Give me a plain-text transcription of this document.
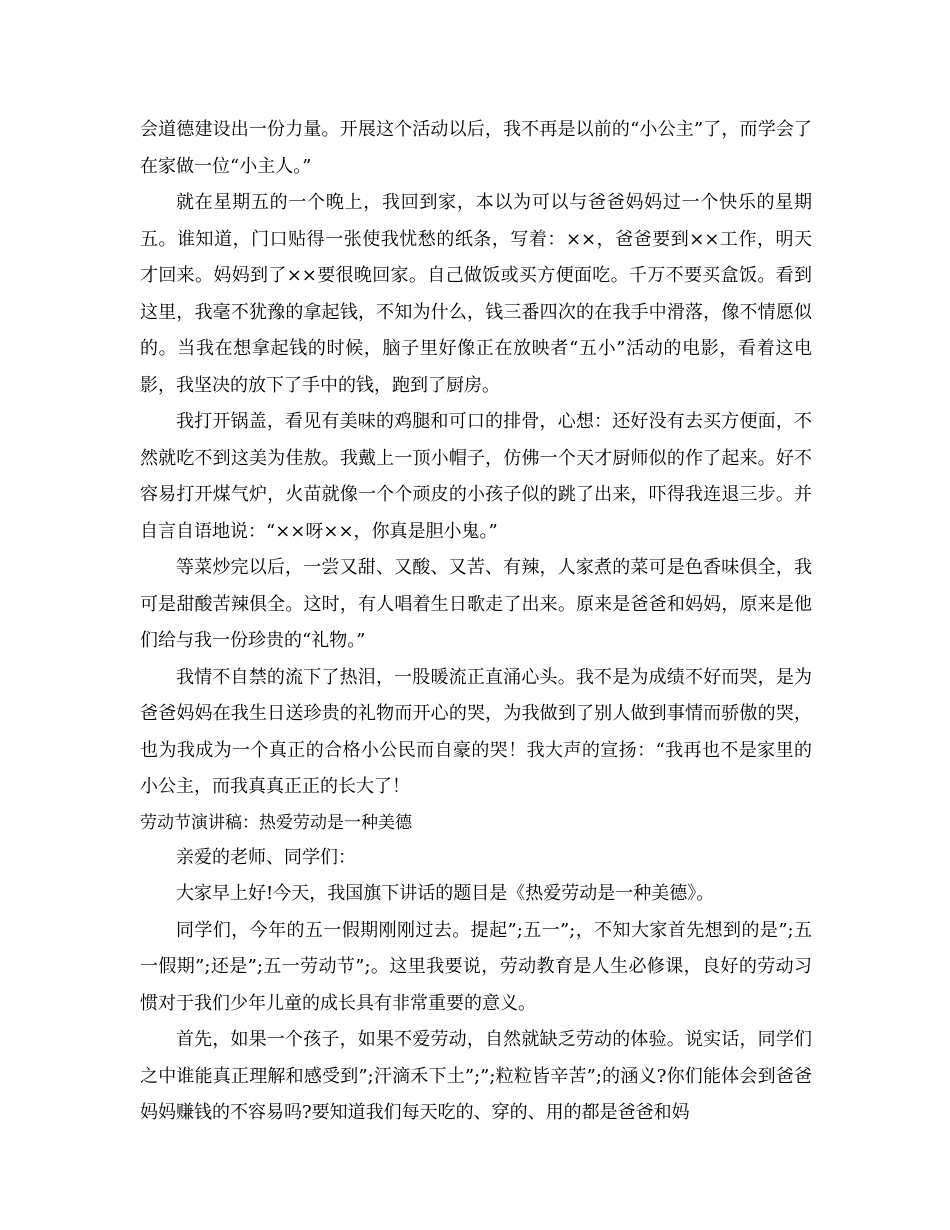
会道德建设出一份力量。开展这个活动以后，我不再是以前的“小公主”了，而学会了在家做一位“小主人。”

就在星期五的一个晚上，我回到家，本以为可以与爸爸妈妈过一个快乐的星期五。谁知道，门口贴得一张使我忧愁的纸条，写着：××，爸爸要到××工作，明天才回来。妈妈到了××要很晚回家。自己做饭或买方便面吃。千万不要买盒饭。看到这里，我毫不犹豫的拿起钱，不知为什么，钱三番四次的在我手中滑落，像不情愿似的。当我在想拿起钱的时候，脑子里好像正在放映者“五小”活动的电影，看着这电影，我坚决的放下了手中的钱，跑到了厨房。

我打开锅盖，看见有美味的鸡腿和可口的排骨，心想：还好没有去买方便面，不然就吃不到这美为佳敖。我戴上一顶小帽子，仿佛一个天才厨师似的作了起来。好不容易打开煤气炉，火苗就像一个个顽皮的小孩子似的跳了出来，吓得我连退三步。并自言自语地说：“××呀××，你真是胆小鬼。”

等菜炒完以后，一尝又甜、又酸、又苦、有辣，人家煮的菜可是色香味俱全，我可是甜酸苦辣俱全。这时，有人唱着生日歌走了出来。原来是爸爸和妈妈，原来是他们给与我一份珍贵的“礼物。”

我情不自禁的流下了热泪，一股暖流正直涌心头。我不是为成绩不好而哭，是为爸爸妈妈在我生日送珍贵的礼物而开心的哭，为我做到了别人做到事情而骄傲的哭，也为我成为一个真正的合格小公民而自豪的哭！我大声的宣扬：“我再也不是家里的小公主，而我真真正正的长大了！

劳动节演讲稿：热爱劳动是一种美德

亲爱的老师、同学们：

大家早上好!今天，我国旗下讲话的题目是《热爱劳动是一种美德》。

同学们，今年的五一假期刚刚过去。提起”;五一”;，不知大家首先想到的是”;五一假期”;还是”;五一劳动节”;。这里我要说，劳动教育是人生必修课，良好的劳动习惯对于我们少年儿童的成长具有非常重要的意义。

首先，如果一个孩子，如果不爱劳动，自然就缺乏劳动的体验。说实话，同学们之中谁能真正理解和感受到”;汗滴禾下土”;”;粒粒皆辛苦”;的涵义?你们能体会到爸爸妈妈赚钱的不容易吗?要知道我们每天吃的、穿的、用的都是爸爸和妈
